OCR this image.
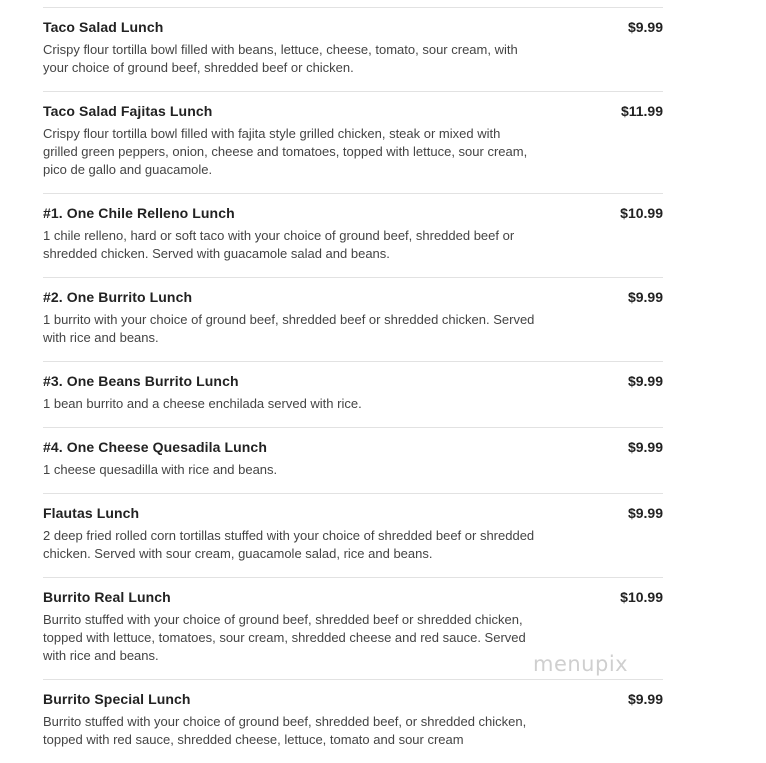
Taco Salad Lunch	$9.99
Crispy flour tortilla bowl filled with beans, lettuce, cheese, tomato, sour cream, with your choice of ground beef, shredded beef or chicken.
Taco Salad Fajitas Lunch	$11.99
Crispy flour tortilla bowl filled with fajita style grilled chicken, steak or mixed with grilled green peppers, onion, cheese and tomatoes, topped with lettuce, sour cream, pico de gallo and guacamole.
#1. One Chile Relleno Lunch	$10.99
1 chile relleno, hard or soft taco with your choice of ground beef, shredded beef or shredded chicken. Served with guacamole salad and beans.
#2. One Burrito Lunch	$9.99
1 burrito with your choice of ground beef, shredded beef or shredded chicken. Served with rice and beans.
#3. One Beans Burrito Lunch	$9.99
1 bean burrito and a cheese enchilada served with rice.
#4. One Cheese Quesadila Lunch	$9.99
1 cheese quesadilla with rice and beans.
Flautas Lunch	$9.99
2 deep fried rolled corn tortillas stuffed with your choice of shredded beef or shredded chicken. Served with sour cream, guacamole salad, rice and beans.
Burrito Real Lunch	$10.99
Burrito stuffed with your choice of ground beef, shredded beef or shredded chicken, topped with lettuce, tomatoes, sour cream, shredded cheese and red sauce. Served with rice and beans.
Burrito Special Lunch	$9.99
Burrito stuffed with your choice of ground beef, shredded beef, or shredded chicken, topped with red sauce, shredded cheese, lettuce, tomato and sour cream
menupix
